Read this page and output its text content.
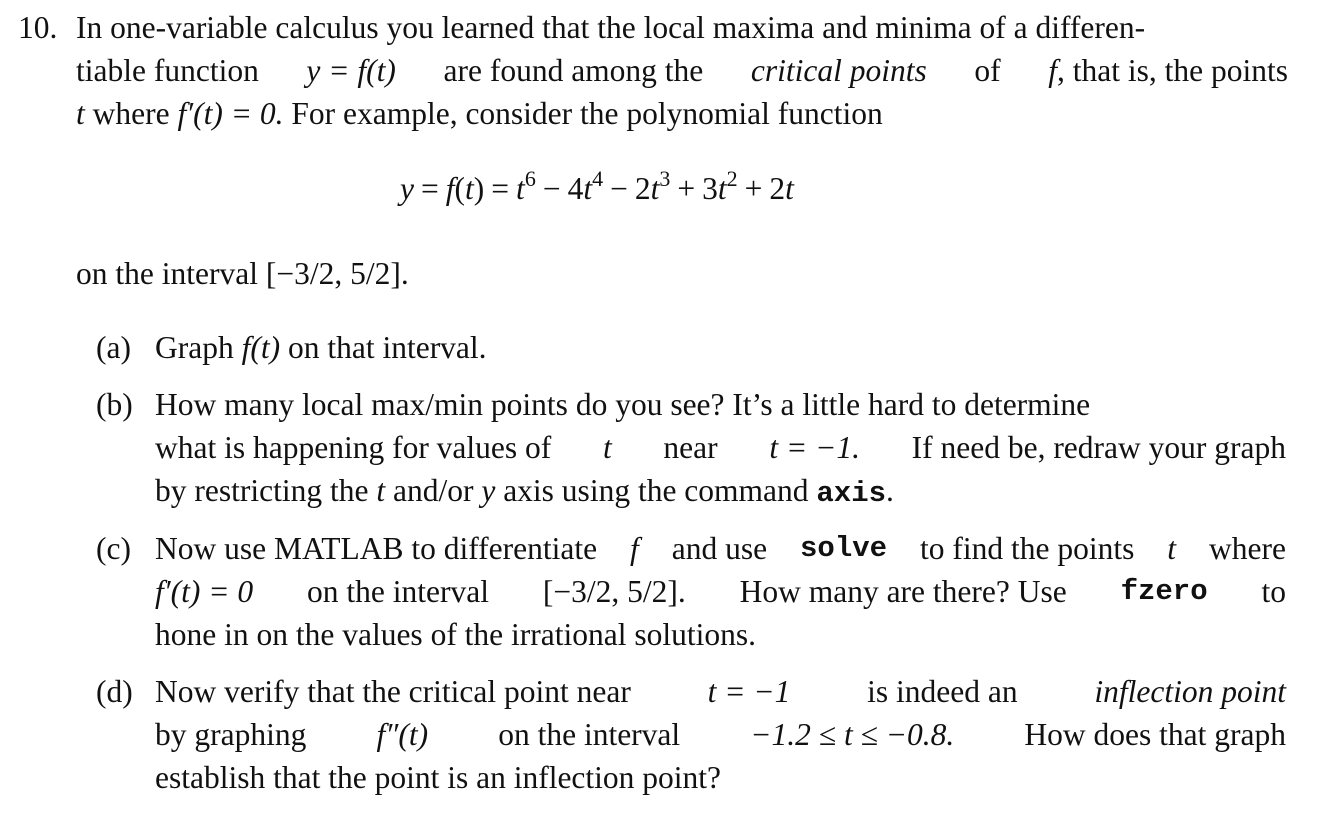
10. In one-variable calculus you learned that the local maxima and minima of a differen-
tiable function y = f(t) are found among the critical points of f, that is, the points
t where f′(t) = 0. For example, consider the polynomial function
$y = f(t) = t^6 - 4t^4 - 2t^3 + 3t^2 + 2t$
on the interval [−3/2, 5/2].
(a) Graph f(t) on that interval.
(b) How many local max/min points do you see? It’s a little hard to determine
what is happening for values of t near t = −1. If need be, redraw your graph
by restricting the t and/or y axis using the command axis.
(c) Now use MATLAB to differentiate f and use solve to find the points t where
f′(t) = 0 on the interval [−3/2, 5/2]. How many are there? Use fzero to
hone in on the values of the irrational solutions.
(d) Now verify that the critical point near t = −1 is indeed an inflection point
by graphing f″(t) on the interval −1.2 ≤ t ≤ −0.8. How does that graph
establish that the point is an inflection point?
